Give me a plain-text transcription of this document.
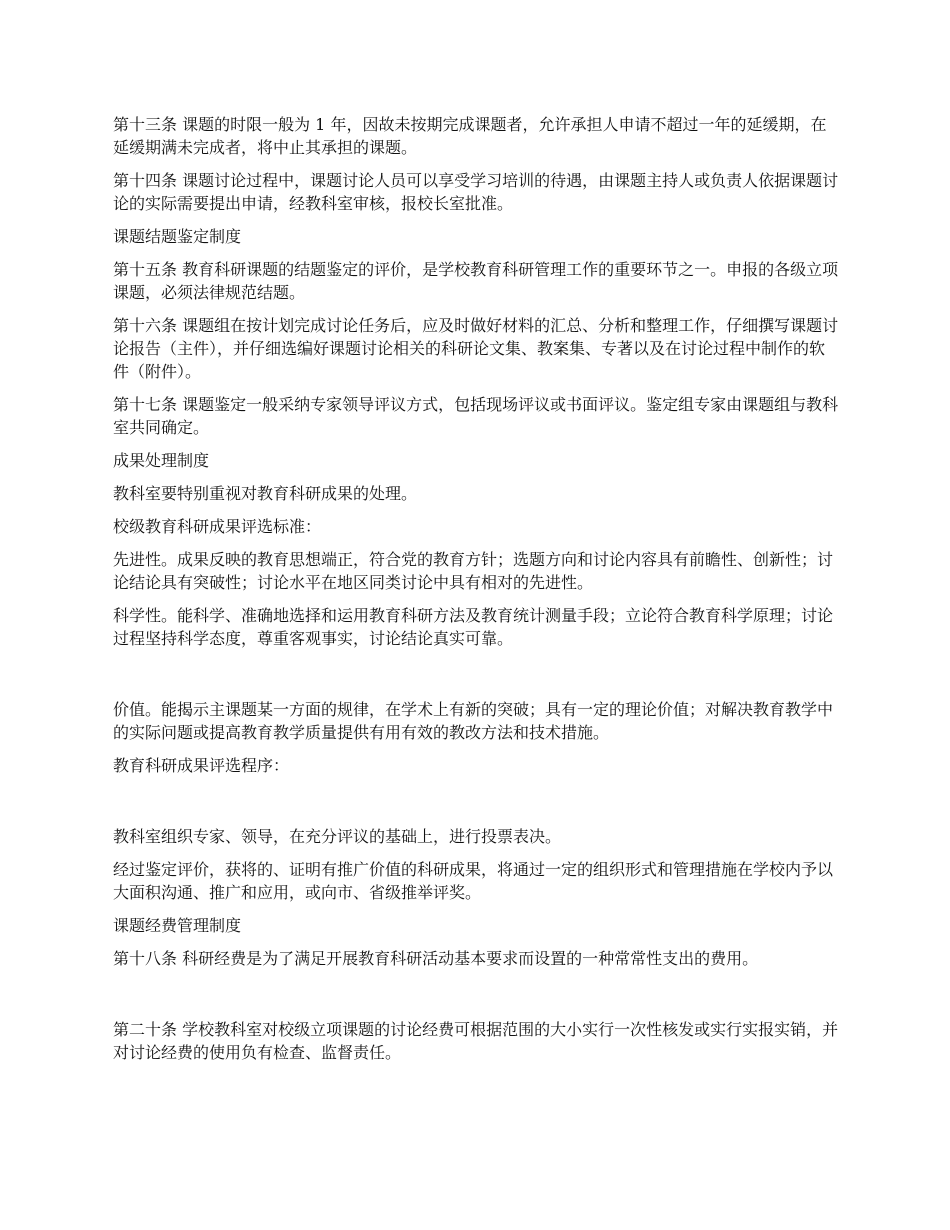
第十三条 课题的时限一般为 1 年，因故未按期完成课题者，允许承担人申请不超过一年的延缓期，在延缓期满未完成者，将中止其承担的课题。

第十四条 课题讨论过程中，课题讨论人员可以享受学习培训的待遇，由课题主持人或负责人依据课题讨论的实际需要提出申请，经教科室审核，报校长室批准。

课题结题鉴定制度

第十五条 教育科研课题的结题鉴定的评价，是学校教育科研管理工作的重要环节之一。申报的各级立项课题，必须法律规范结题。

第十六条 课题组在按计划完成讨论任务后，应及时做好材料的汇总、分析和整理工作，仔细撰写课题讨论报告（主件），并仔细选编好课题讨论相关的科研论文集、教案集、专著以及在讨论过程中制作的软件（附件）。

第十七条 课题鉴定一般采纳专家领导评议方式，包括现场评议或书面评议。鉴定组专家由课题组与教科室共同确定。

成果处理制度

教科室要特别重视对教育科研成果的处理。

校级教育科研成果评选标准：

先进性。成果反映的教育思想端正，符合党的教育方针；选题方向和讨论内容具有前瞻性、创新性；讨论结论具有突破性；讨论水平在地区同类讨论中具有相对的先进性。

科学性。能科学、准确地选择和运用教育科研方法及教育统计测量手段；立论符合教育科学原理；讨论过程坚持科学态度，尊重客观事实，讨论结论真实可靠。

价值。能揭示主课题某一方面的规律，在学术上有新的突破；具有一定的理论价值；对解决教育教学中的实际问题或提高教育教学质量提供有用有效的教改方法和技术措施。

教育科研成果评选程序：

教科室组织专家、领导，在充分评议的基础上，进行投票表决。

经过鉴定评价，获将的、证明有推广价值的科研成果，将通过一定的组织形式和管理措施在学校内予以大面积沟通、推广和应用，或向市、省级推举评奖。

课题经费管理制度

第十八条 科研经费是为了满足开展教育科研活动基本要求而设置的一种常常性支出的费用。

第二十条 学校教科室对校级立项课题的讨论经费可根据范围的大小实行一次性核发或实行实报实销，并对讨论经费的使用负有检查、监督责任。
